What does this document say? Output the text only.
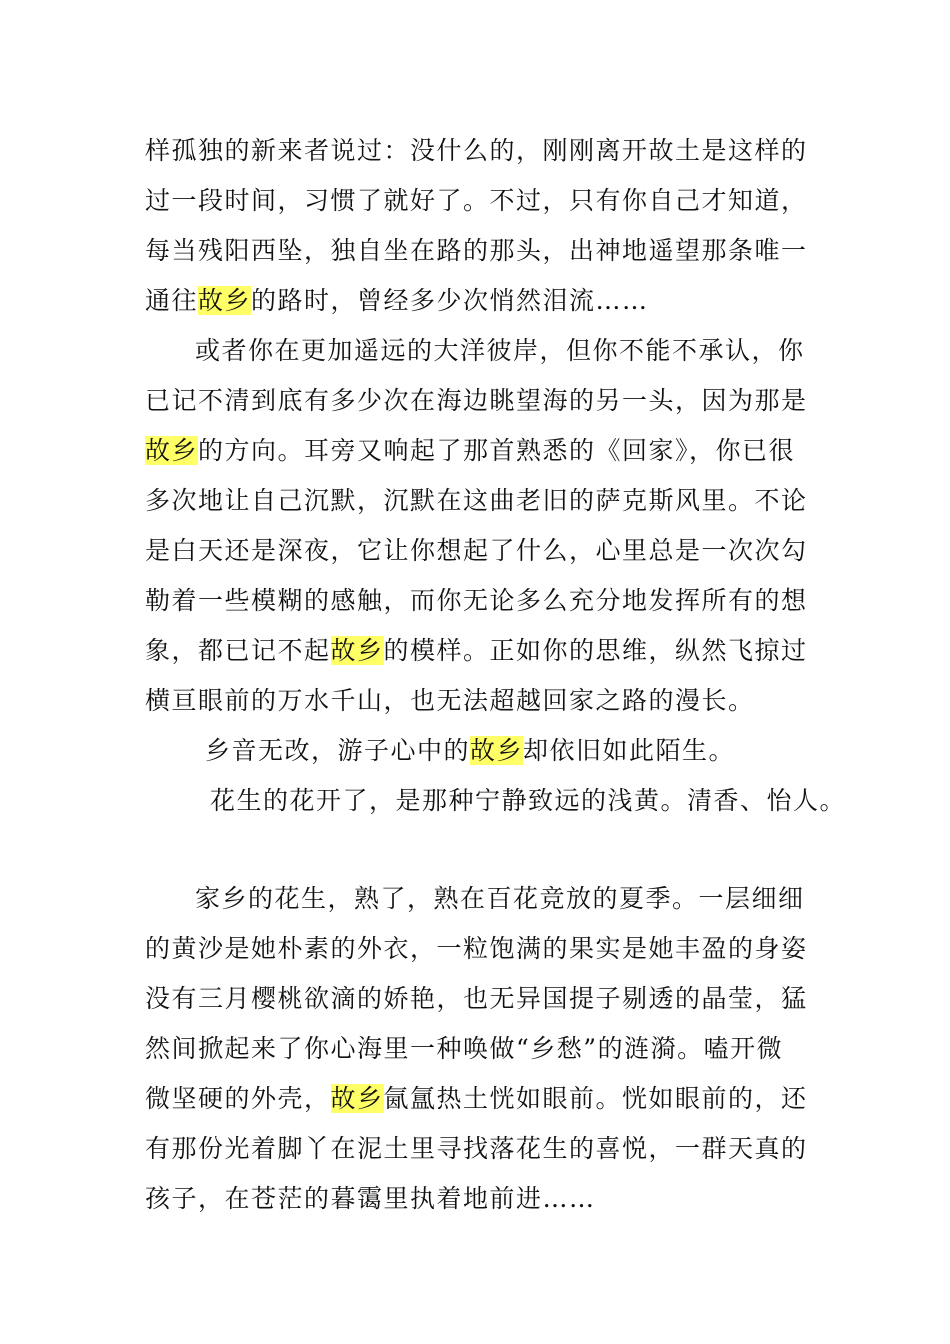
样孤独的新来者说过：没什么的，刚刚离开故土是这样的
过一段时间，习惯了就好了。不过，只有你自己才知道，
每当残阳西坠，独自坐在路的那头，出神地遥望那条唯一
通往故乡的路时，曾经多少次悄然泪流……
或者你在更加遥远的大洋彼岸，但你不能不承认，你
已记不清到底有多少次在海边眺望海的另一头，因为那是
故乡的方向。耳旁又响起了那首熟悉的《回家》，你已很
多次地让自己沉默，沉默在这曲老旧的萨克斯风里。不论
是白天还是深夜，它让你想起了什么，心里总是一次次勾
勒着一些模糊的感触，而你无论多么充分地发挥所有的想
象，都已记不起故乡的模样。正如你的思维，纵然飞掠过
横亘眼前的万水千山，也无法超越回家之路的漫长。
乡音无改，游子心中的故乡却依旧如此陌生。
花生的花开了，是那种宁静致远的浅黄。清香、怡人。
家乡的花生，熟了，熟在百花竞放的夏季。一层细细
的黄沙是她朴素的外衣，一粒饱满的果实是她丰盈的身姿
没有三月樱桃欲滴的娇艳，也无异国提子剔透的晶莹，猛
然间掀起来了你心海里一种唤做“乡愁”的涟漪。嗑开微
微坚硬的外壳，故乡氤氲热土恍如眼前。恍如眼前的，还
有那份光着脚丫在泥土里寻找落花生的喜悦，一群天真的
孩子，在苍茫的暮霭里执着地前进……
